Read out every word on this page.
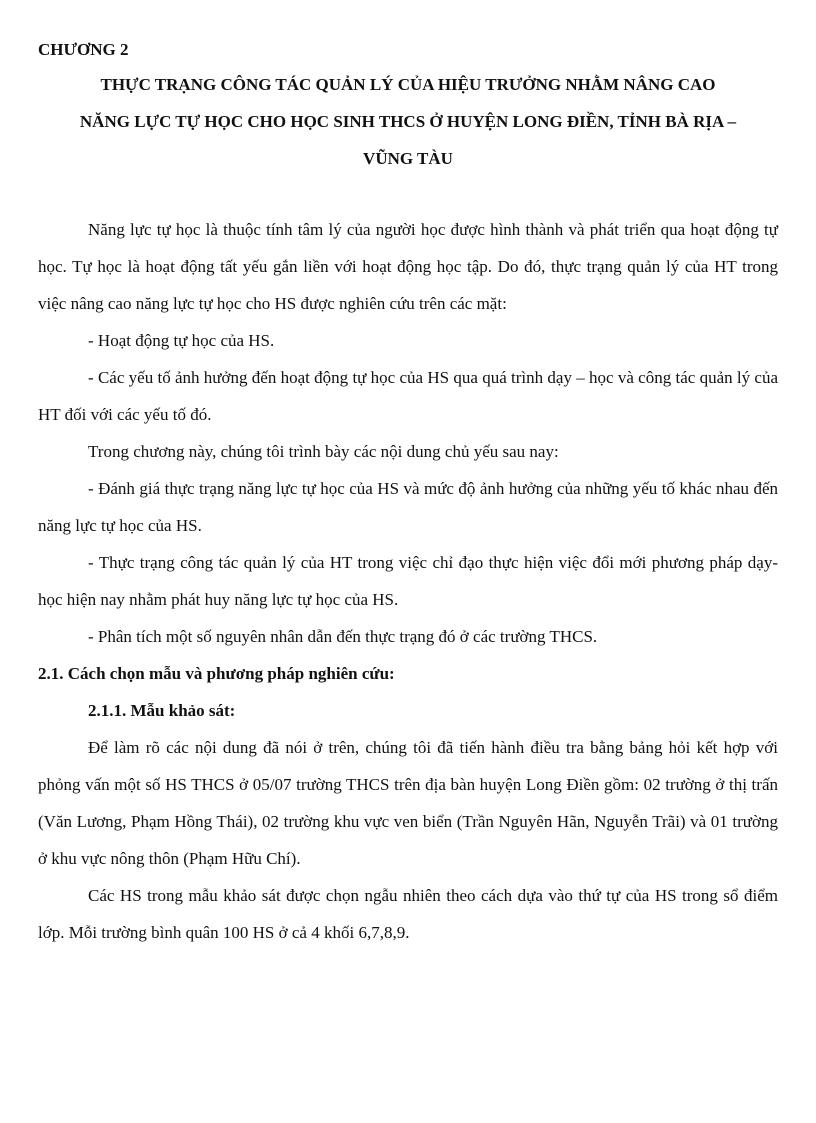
CHƯƠNG 2

THỰC TRẠNG CÔNG TÁC QUẢN LÝ CỦA HIỆU TRƯỞNG NHẰM NÂNG CAO
NĂNG LỰC TỰ HỌC CHO HỌC SINH THCS Ở HUYỆN LONG ĐIỀN, TỈNH BÀ RỊA –
VŨNG TÀU

Năng lực tự học là thuộc tính tâm lý của người học được hình thành và phát triển qua hoạt động tự học. Tự học là hoạt động tất yếu gắn liền với hoạt động học tập. Do đó, thực trạng quản lý của HT trong việc nâng cao năng lực tự học cho HS được nghiên cứu trên các mặt:

- Hoạt động tự học của HS.

- Các yếu tố ảnh hưởng đến hoạt động tự học của HS qua quá trình dạy – học và công tác quản lý của HT đối với các yếu tố đó.

Trong chương này, chúng tôi trình bày các nội dung chủ yếu sau nay:

- Đánh giá thực trạng năng lực tự học của HS và mức độ ảnh hưởng của những yếu tố khác nhau đến năng lực tự học của HS.

- Thực trạng công tác quản lý của HT trong việc chỉ đạo thực hiện việc đổi mới phương pháp dạy- học hiện nay nhằm phát huy năng lực tự học của HS.

- Phân tích một số nguyên nhân dẫn đến thực trạng đó ở các trường THCS.

2.1. Cách chọn mẫu và phương pháp nghiên cứu:
2.1.1. Mẫu khảo sát:

Để làm rõ các nội dung đã nói ở trên, chúng tôi đã tiến hành điều tra bằng bảng hỏi kết hợp với phỏng vấn một số HS THCS ở 05/07 trường THCS trên địa bàn huyện Long Điền gồm: 02 trường ở thị trấn (Văn Lương, Phạm Hồng Thái), 02 trường khu vực ven biển (Trần Nguyên Hãn, Nguyễn Trãi) và 01 trường ở khu vực nông thôn (Phạm Hữu Chí).

Các HS trong mẫu khảo sát được chọn ngẫu nhiên theo cách dựa vào thứ tự của HS trong sổ điểm lớp. Mỗi trường bình quân 100 HS ở cả 4 khối 6,7,8,9.
